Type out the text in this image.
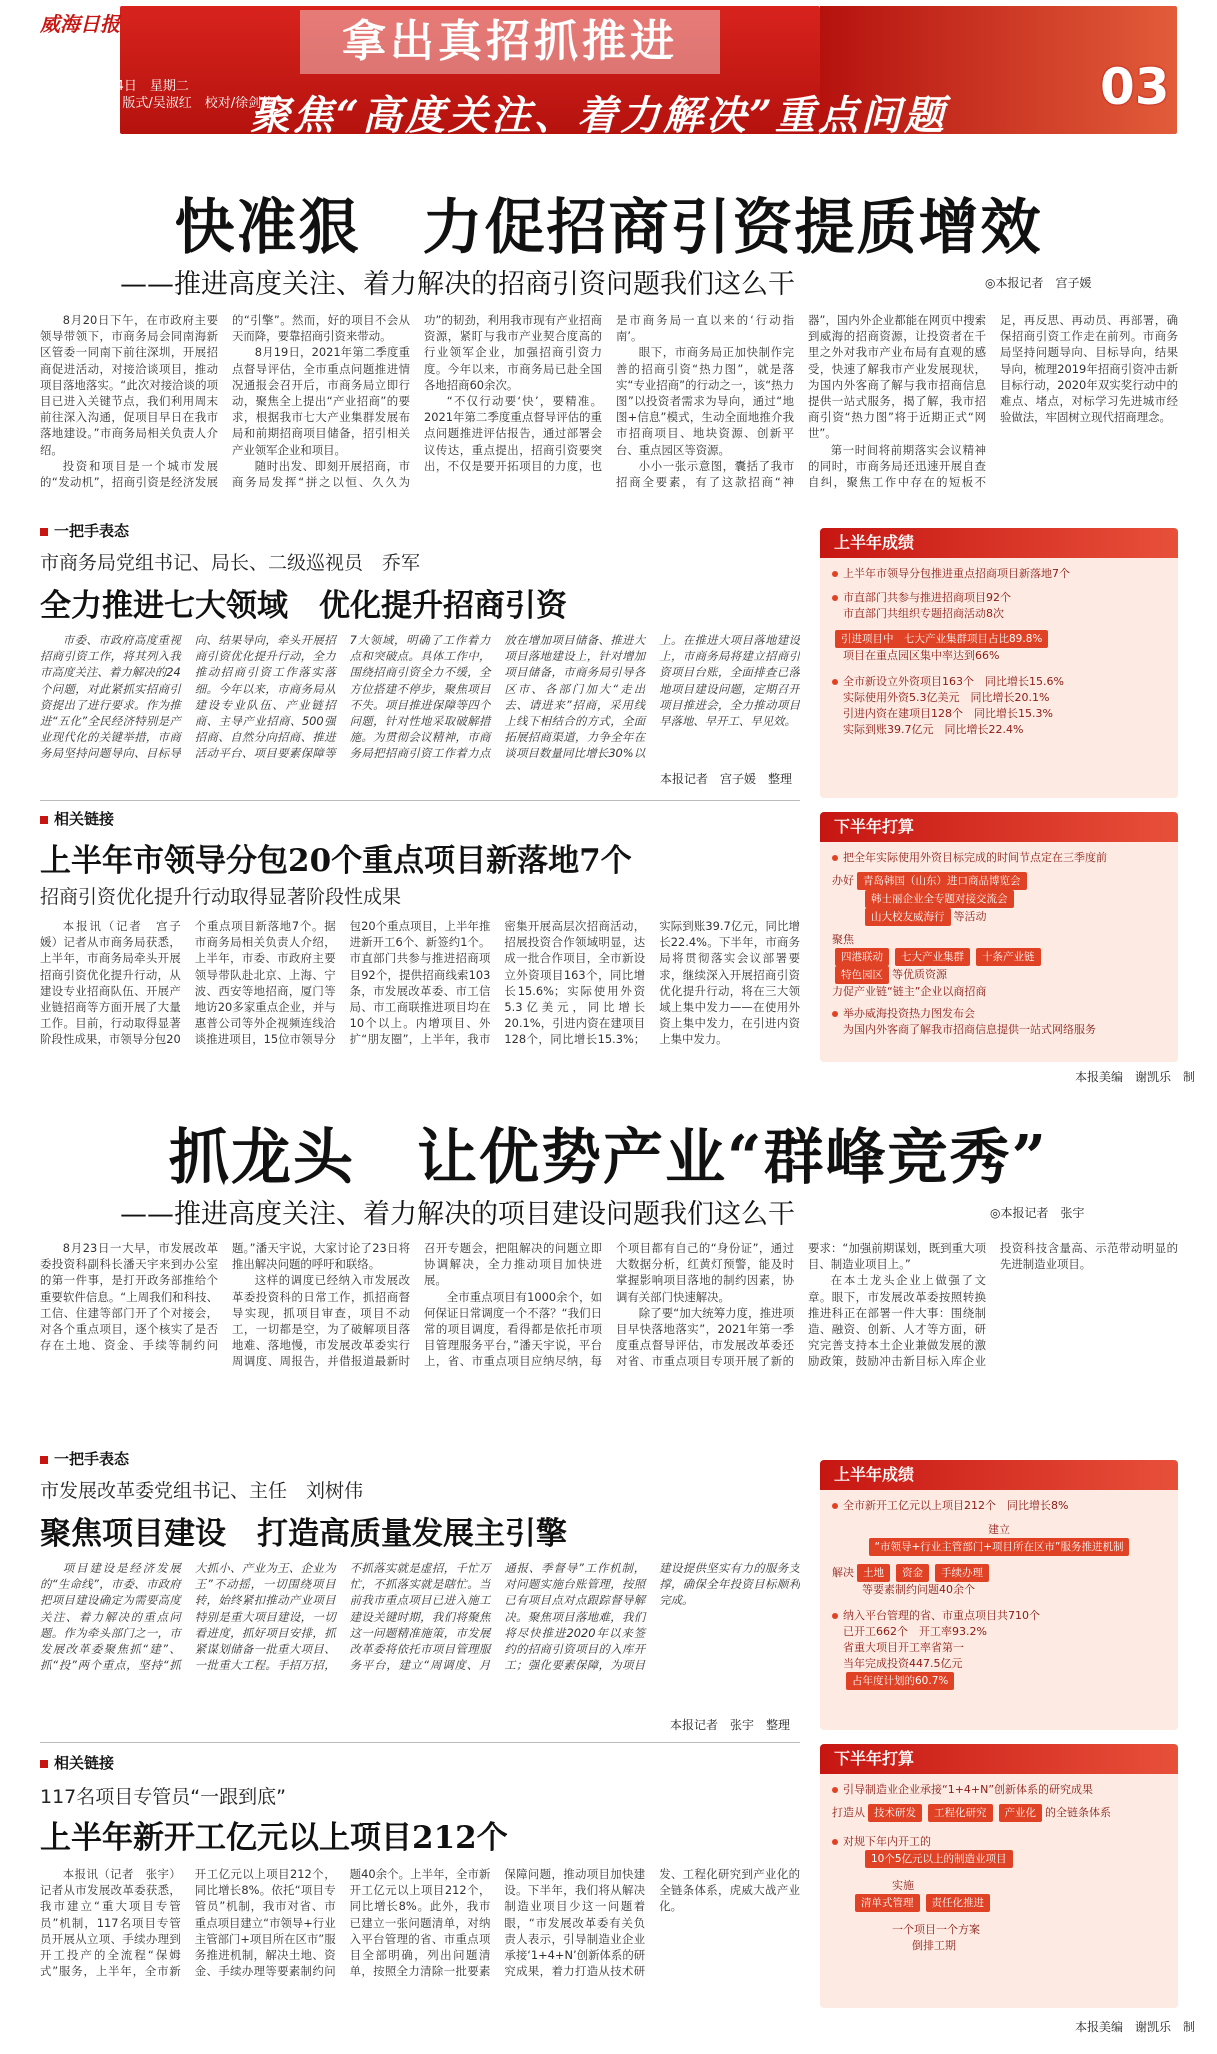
威海日报	拿出真招抓推进
2021年8月24日　星期二
编辑/刘元玉　版式/吴淑红　校对/徐剑侠
聚焦“高度关注、着力解决”重点问题	03
快准狠　力促招商引资提质增效
——推进高度关注、着力解决的招商引资问题我们这么干	◎本报记者　宫子媛

8月20日下午，在市政府主要领导带领下，市商务局会同南海新区管委一同南下前往深圳，开展招商促进活动，对接洽谈项目，推动项目落地落实。“此次对接洽谈的项目已进入关键节点，我们利用周末前往深入沟通，促项目早日在我市落地建设。”市商务局相关负责人介绍。

投资和项目是一个城市发展的“发动机”，招商引资是经济发展的“引擎”。然而，好的项目不会从天而降，要靠招商引资来带动。

8月19日，2021年第二季度重点督导评估，全市重点问题推进情况通报会召开后，市商务局立即行动，聚焦全上提出“产业招商”的要求，根据我市七大产业集群发展布局和前期招商项目储备，招引相关产业领军企业和项目。

随时出发、即刻开展招商，市商务局发挥“拼之以恒、久久为功”的韧劲，利用我市现有产业招商资源，紧盯与我市产业契合度高的行业领军企业，加强招商引资力度。今年以来，市商务局已赴全国各地招商60余次。

“不仅行动要‘快’，要精准。2021年第二季度重点督导评估的重点问题推进评估报告，通过部署会议传达，重点提出，招商引资要突出，不仅是要开拓项目的力度，也是市商务局一直以来的‘行动指南’。

眼下，市商务局正加快制作完善的招商引资“热力图”，就是落实“专业招商”的行动之一，该“热力图”以投资者需求为导向，通过“地图+信息”模式，生动全面地推介我市招商项目、地块资源、创新平台、重点园区等资源。

小小一张示意图，囊括了我市招商全要素，有了这款招商“神器”，国内外企业都能在网页中搜索到威海的招商资源，让投资者在千里之外对我市产业布局有直观的感受，快速了解我市产业发展现状，为国内外客商了解与我市招商信息提供一站式服务，揭了解，我市招商引资“热力图”将于近期正式“网世”。

第一时间将前期落实会议精神的同时，市商务局还迅速开展自查自纠，聚焦工作中存在的短板不足，再反思、再动员、再部署，确保招商引资工作走在前列。市商务局坚持问题导向、目标导向，结果导向，梳理2019年招商引资冲击新目标行动，2020年双实奖行动中的难点、堵点，对标学习先进城市经验做法，牢固树立现代招商理念。

一把手表态
市商务局党组书记、局长、二级巡视员　乔军
全力推进七大领域　优化提升招商引资

市委、市政府高度重视招商引资工作，将其列入我市高度关注、着力解决的24个问题，对此紧抓实招商引资提出了进行要求。作为推进“五化”全民经济特别是产业现代化的关键举措，市商务局坚持问题导向、目标导向、结果导向，牵头开展招商引资优化提升行动，全力推动招商引资工作落实落细。今年以来，市商务局从建设专业队伍、产业链招商、主导产业招商、500强招商、自然分向招商、推进活动平台、项目要素保障等7大领域，明确了工作着力点和突破点。具体工作中，围绕招商引资全力不缓，全方位搭建不停步，聚焦项目不失。项目推进保障等四个问题，针对性地采取破解措施。为贯彻会议精神，市商务局把招商引资工作着力点放在增加项目储备、推进大项目落地建设上，针对增加项目储备，市商务局引导各区市、各部门加大“走出去、请进来”招商，采用线上线下相结合的方式，全面拓展招商渠道，力争全年在谈项目数量同比增长30%以上。在推进大项目落地建设上，市商务局将建立招商引资项目台账，全面排查已落地项目建设问题，定期召开项目推进会，全力推动项目早落地、早开工、早见效。

本报记者　宫子媛　整理
相关链接
上半年市领导分包20个重点项目新落地7个
招商引资优化提升行动取得显著阶段性成果

本报讯（记者　宫子媛）记者从市商务局获悉，上半年，市商务局牵头开展招商引资优化提升行动，从建设专业招商队伍、开展产业链招商等方面开展了大量工作。目前，行动取得显著阶段性成果，市领导分包20个重点项目新落地7个。据市商务局相关负责人介绍，上半年，市委、市政府主要领导带队赴北京、上海、宁波、西安等地招商，厦门等地访20多家重点企业，并与惠普公司等外企视频连线洽谈推进项目，15位市领导分包20个重点项目，上半年推进新开工6个、新签约1个。市直部门共参与推进招商项目92个，提供招商线索103条，市发展改革委、市工信局、市工商联推进项目均在10个以上。内增项目、外扩“朋友圈”，上半年，我市密集开展高层次招商活动，招展投资合作领域明显，达成一批合作项目，全市新设立外资项目163个，同比增长15.6%；实际使用外资5.3亿美元，同比增长20.1%，引进内资在建项目128个，同比增长15.3%；实际到账39.7亿元，同比增长22.4%。下半年，市商务局将贯彻落实会议部署要求，继续深入开展招商引资优化提升行动，将在三大领域上集中发力——在使用外资上集中发力，在引进内资上集中发力。

上半年成绩
上半年市领导分包推进重点招商项目新落地7个
市直部门共参与推进招商项目92个
市直部门共组织专题招商活动8次
引进项目中　七大产业集群项目占比89.8%
项目在重点园区集中率达到66%
全市新设立外资项目163个　同比增长15.6%
实际使用外资5.3亿美元　同比增长20.1%
引进内资在建项目128个　同比增长15.3%
实际到账39.7亿元　同比增长22.4%
下半年打算
把全年实际使用外资目标完成的时间节点定在三季度前
办好 青岛韩国（山东）进口商品博览会
韩士丽企业全专题对接交流会
山大校友威海行 等活动
聚焦
四港联动 七大产业集群 十条产业链
特色园区 等优质资源
力促产业链“链主”企业以商招商
举办威海投资热力图发布会
为国内外客商了解我市招商信息提供一站式网络服务
本报美编　谢凯乐　制
抓龙头　让优势产业“群峰竞秀”
——推进高度关注、着力解决的项目建设问题我们这么干	◎本报记者　张宇

8月23日一大早，市发展改革委投资科副科长潘天宇来到办公室的第一件事，是打开政务部推给个重要软件信息。“上周我们和科技、工信、住建等部门开了个对接会，对各个重点项目，逐个核实了是否存在土地、资金、手续等制约问题。”潘天宇说，大家讨论了23日将推出解决问题的呼吁和联络。

这样的调度已经纳入市发展改革委投资科的日常工作，抓招商督导实现，抓项目审查，项目不动工，一切都是空，为了破解项目落地难、落地慢，市发展改革委实行周调度、周报告，并借报道最新时召开专题会，把阻解决的问题立即协调解决，全力推动项目加快进展。

全市重点项目有1000余个，如何保证日常调度一个不落？“我们日常的项目调度，看得都是依托市项目管理服务平台，”潘天宇说，平台上，省、市重点项目应纳尽纳，每个项目都有自己的“身份证”，通过大数据分析，红黄灯预警，能及时掌握影响项目落地的制约因素，协调有关部门快速解决。

除了要“加大统筹力度，推进项目早快落地落实”，2021年第一季度重点督导评估，市发展改革委还对省、市重点项目专项开展了新的要求：“加强前期谋划，既到重大项目、制造业项目上。”

在本土龙头企业上做强了文章。眼下，市发展改革委按照转换推进科正在部署一件大事：围绕制造、融资、创新、人才等方面，研究完善支持本土企业兼做发展的激励政策，鼓励冲击新目标入库企业投资科技含量高、示范带动明显的先进制造业项目。

一把手表态
市发展改革委党组书记、主任　刘树伟
聚焦项目建设　打造高质量发展主引擎

项目建设是经济发展的“生命线”，市委、市政府把项目建设确定为需要高度关注、着力解决的重点问题。作为牵头部门之一，市发展改革委聚焦抓“建”、抓“投”两个重点，坚持“抓大抓小、产业为王、企业为王”不动摇，一切围绕项目转，始终紧扣推动产业项目特别是重大项目建设，一切看进度，抓好项目安排，抓紧谋划储备一批重大项目、一批重大工程。手招万招，不抓落实就是虚招，千忙万忙，不抓落实就是瞎忙。当前我市重点项目已进入施工建设关键时期，我们将聚焦这一问题精准施策，市发展改革委将依托市项目管理服务平台，建立“周调度、月通报、季督导”工作机制，对问题实施台账管理，按照已有项目点对点跟踪督导解决。聚焦项目落地难，我们将尽快推进2020年以来签约的招商引资项目的入库开工；强化要素保障，为项目建设提供坚实有力的服务支撑，确保全年投资目标顺利完成。

本报记者　张宇　整理
相关链接
117名项目专管员“一跟到底”
上半年新开工亿元以上项目212个

本报讯（记者　张宇）记者从市发展改革委获悉，我市建立“重大项目专管员”机制，117名项目专管员开展从立项、手续办理到开工投产的全流程“保姆式”服务，上半年，全市新开工亿元以上项目212个，同比增长8%。依托“项目专管员”机制，我市对省、市重点项目建立“市领导+行业主管部门+项目所在区市”服务推进机制，解决土地、资金、手续办理等要素制约问题40余个。上半年，全市新开工亿元以上项目212个，同比增长8%。此外，我市已建立一张问题清单，对纳入平台管理的省、市重点项目全部明确，列出问题清单，按照全力清除一批要素保障问题，推动项目加快建设。下半年，我们将从解决制造业项目少这一问题着眼，“市发展改革委有关负责人表示，引导制造业企业承接‘1+4+N’创新体系的研究成果，着力打造从技术研发、工程化研究到产业化的全链条体系，虎威大战产业化。

上半年成绩
全市新开工亿元以上项目212个　同比增长8%
建立
“市领导+行业主管部门+项目所在区市”服务推进机制
解决 土地 资金 手续办理
等要素制约问题40余个
纳入平台管理的省、市重点项目共710个
已开工662个　开工率93.2%
省重大项目开工率省第一
当年完成投资447.5亿元
占年度计划的60.7%
下半年打算
引导制造业企业承接“1+4+N”创新体系的研究成果
打造从 技术研发 工程化研究 产业化 的全链条体系
对规下年内开工的
10个5亿元以上的制造业项目
实施
清单式管理 责任化推进
一个项目一个方案
倒排工期
本报美编　谢凯乐　制
